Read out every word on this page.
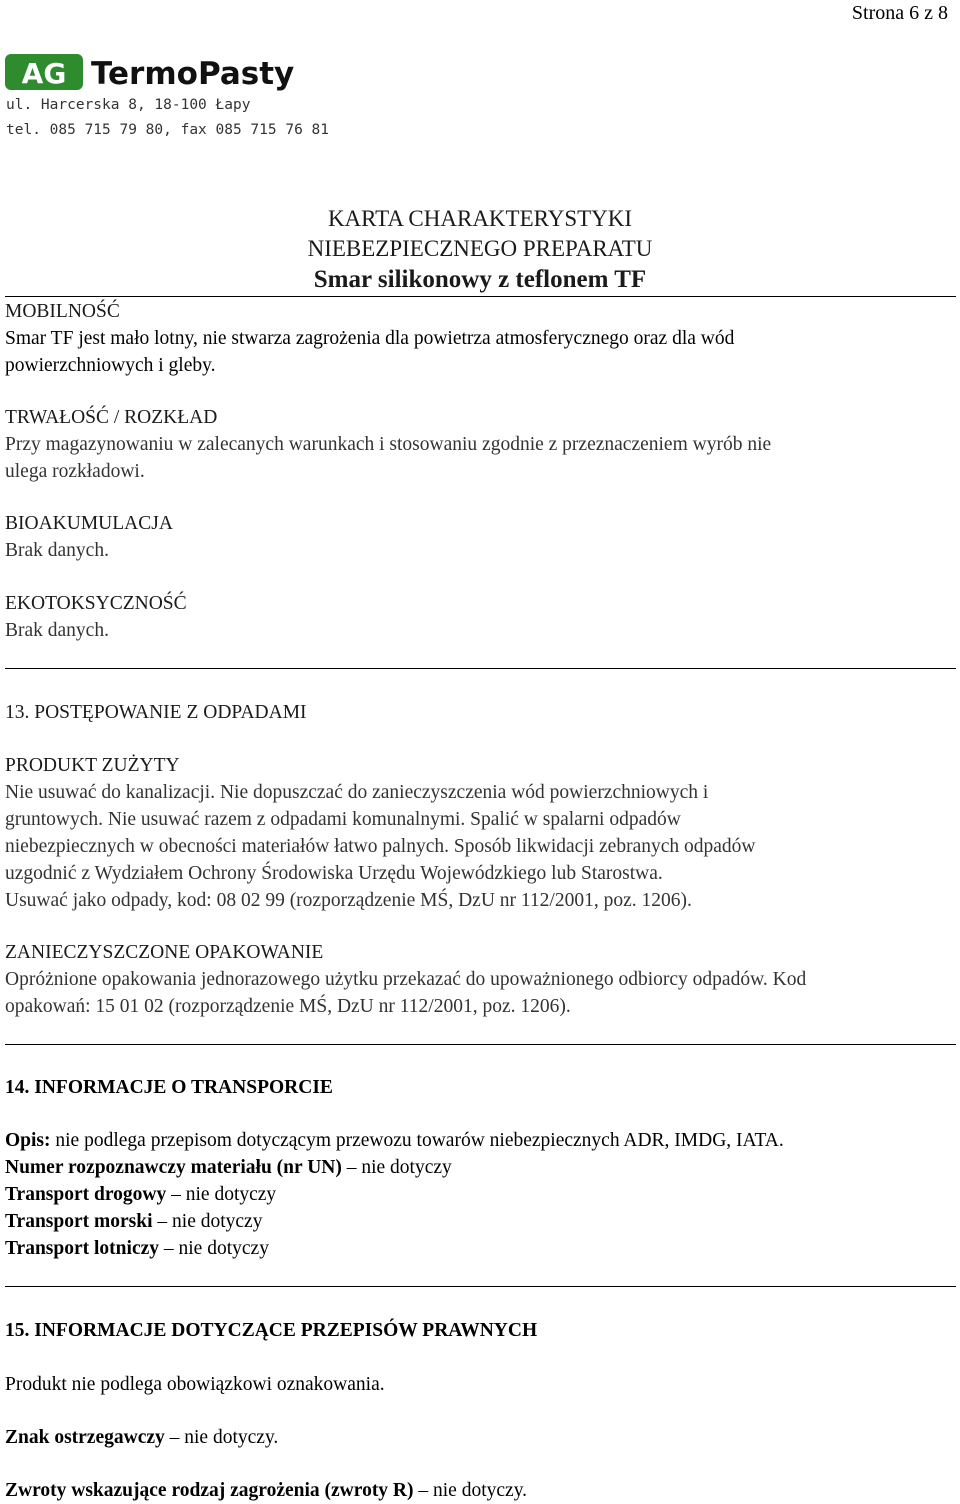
Strona 6 z 8
AG TermoPasty
ul. Harcerska 8, 18-100 Łapy
tel. 085 715 79 80, fax 085 715 76 81
KARTA CHARAKTERYSTYKI
NIEBEZPIECZNEGO PREPARATU
Smar silikonowy z teflonem TF
MOBILNOŚĆ
Smar TF jest mało lotny, nie stwarza zagrożenia dla powietrza atmosferycznego oraz dla wód
powierzchniowych i gleby.
TRWAŁOŚĆ / ROZKŁAD
Przy magazynowaniu w zalecanych warunkach i stosowaniu zgodnie z przeznaczeniem wyrób nie
ulega rozkładowi.
BIOAKUMULACJA
Brak danych.
EKOTOKSYCZNOŚĆ
Brak danych.
13. POSTĘPOWANIE Z ODPADAMI
PRODUKT ZUŻYTY
Nie usuwać do kanalizacji. Nie dopuszczać do zanieczyszczenia wód powierzchniowych i
gruntowych. Nie usuwać razem z odpadami komunalnymi. Spalić w spalarni odpadów
niebezpiecznych w obecności materiałów łatwo palnych. Sposób likwidacji zebranych odpadów
uzgodnić z Wydziałem Ochrony Środowiska Urzędu Wojewódzkiego lub Starostwa.
Usuwać jako odpady, kod: 08 02 99 (rozporządzenie MŚ, DzU nr 112/2001, poz. 1206).
ZANIECZYSZCZONE OPAKOWANIE
Opróżnione opakowania jednorazowego użytku przekazać do upoważnionego odbiorcy odpadów. Kod
opakowań: 15 01 02 (rozporządzenie MŚ, DzU nr 112/2001, poz. 1206).
14. INFORMACJE O TRANSPORCIE
Opis: nie podlega przepisom dotyczącym przewozu towarów niebezpiecznych ADR, IMDG, IATA.
Numer rozpoznawczy materiału (nr UN) – nie dotyczy
Transport drogowy – nie dotyczy
Transport morski – nie dotyczy
Transport lotniczy – nie dotyczy
15. INFORMACJE DOTYCZĄCE PRZEPISÓW PRAWNYCH
Produkt nie podlega obowiązkowi oznakowania.
Znak ostrzegawczy – nie dotyczy.
Zwroty wskazujące rodzaj zagrożenia (zwroty R) – nie dotyczy.
